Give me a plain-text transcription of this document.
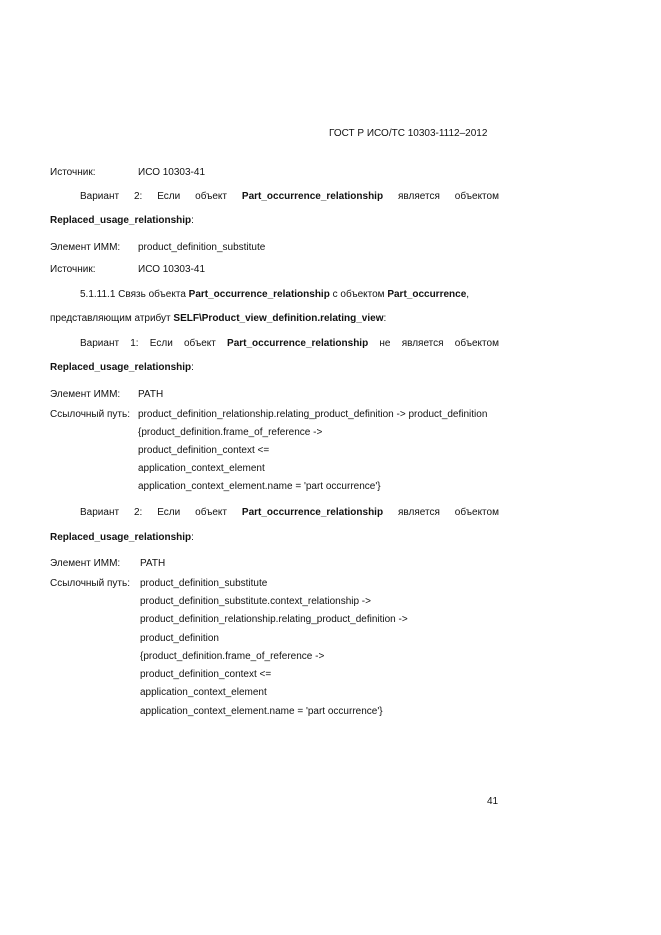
ГОСТ Р ИСО/ТС 10303-1112–2012
Источник:	ИСО 10303-41
Вариант 2: Если объект Part_occurrence_relationship является объектом
Replaced_usage_relationship:
Элемент ИММ: product_definition_substitute
Источник:	ИСО 10303-41
5.1.11.1 Связь объекта Part_occurrence_relationship с объектом Part_occurrence,
представляющим атрибут SELF\Product_view_definition.relating_view:
Вариант 1: Если объект Part_occurrence_relationship не является объектом
Replaced_usage_relationship:
Элемент ИММ: PATH
Ссылочный путь: product_definition_relationship.relating_product_definition -> product_definition
{product_definition.frame_of_reference ->
product_definition_context <=
application_context_element
application_context_element.name = 'part occurrence'}
Вариант 2: Если объект Part_occurrence_relationship является объектом
Replaced_usage_relationship:
Элемент ИММ: PATH
Ссылочный путь: product_definition_substitute
product_definition_substitute.context_relationship ->
product_definition_relationship.relating_product_definition ->
product_definition
{product_definition.frame_of_reference ->
product_definition_context <=
application_context_element
application_context_element.name = 'part occurrence'}
41
